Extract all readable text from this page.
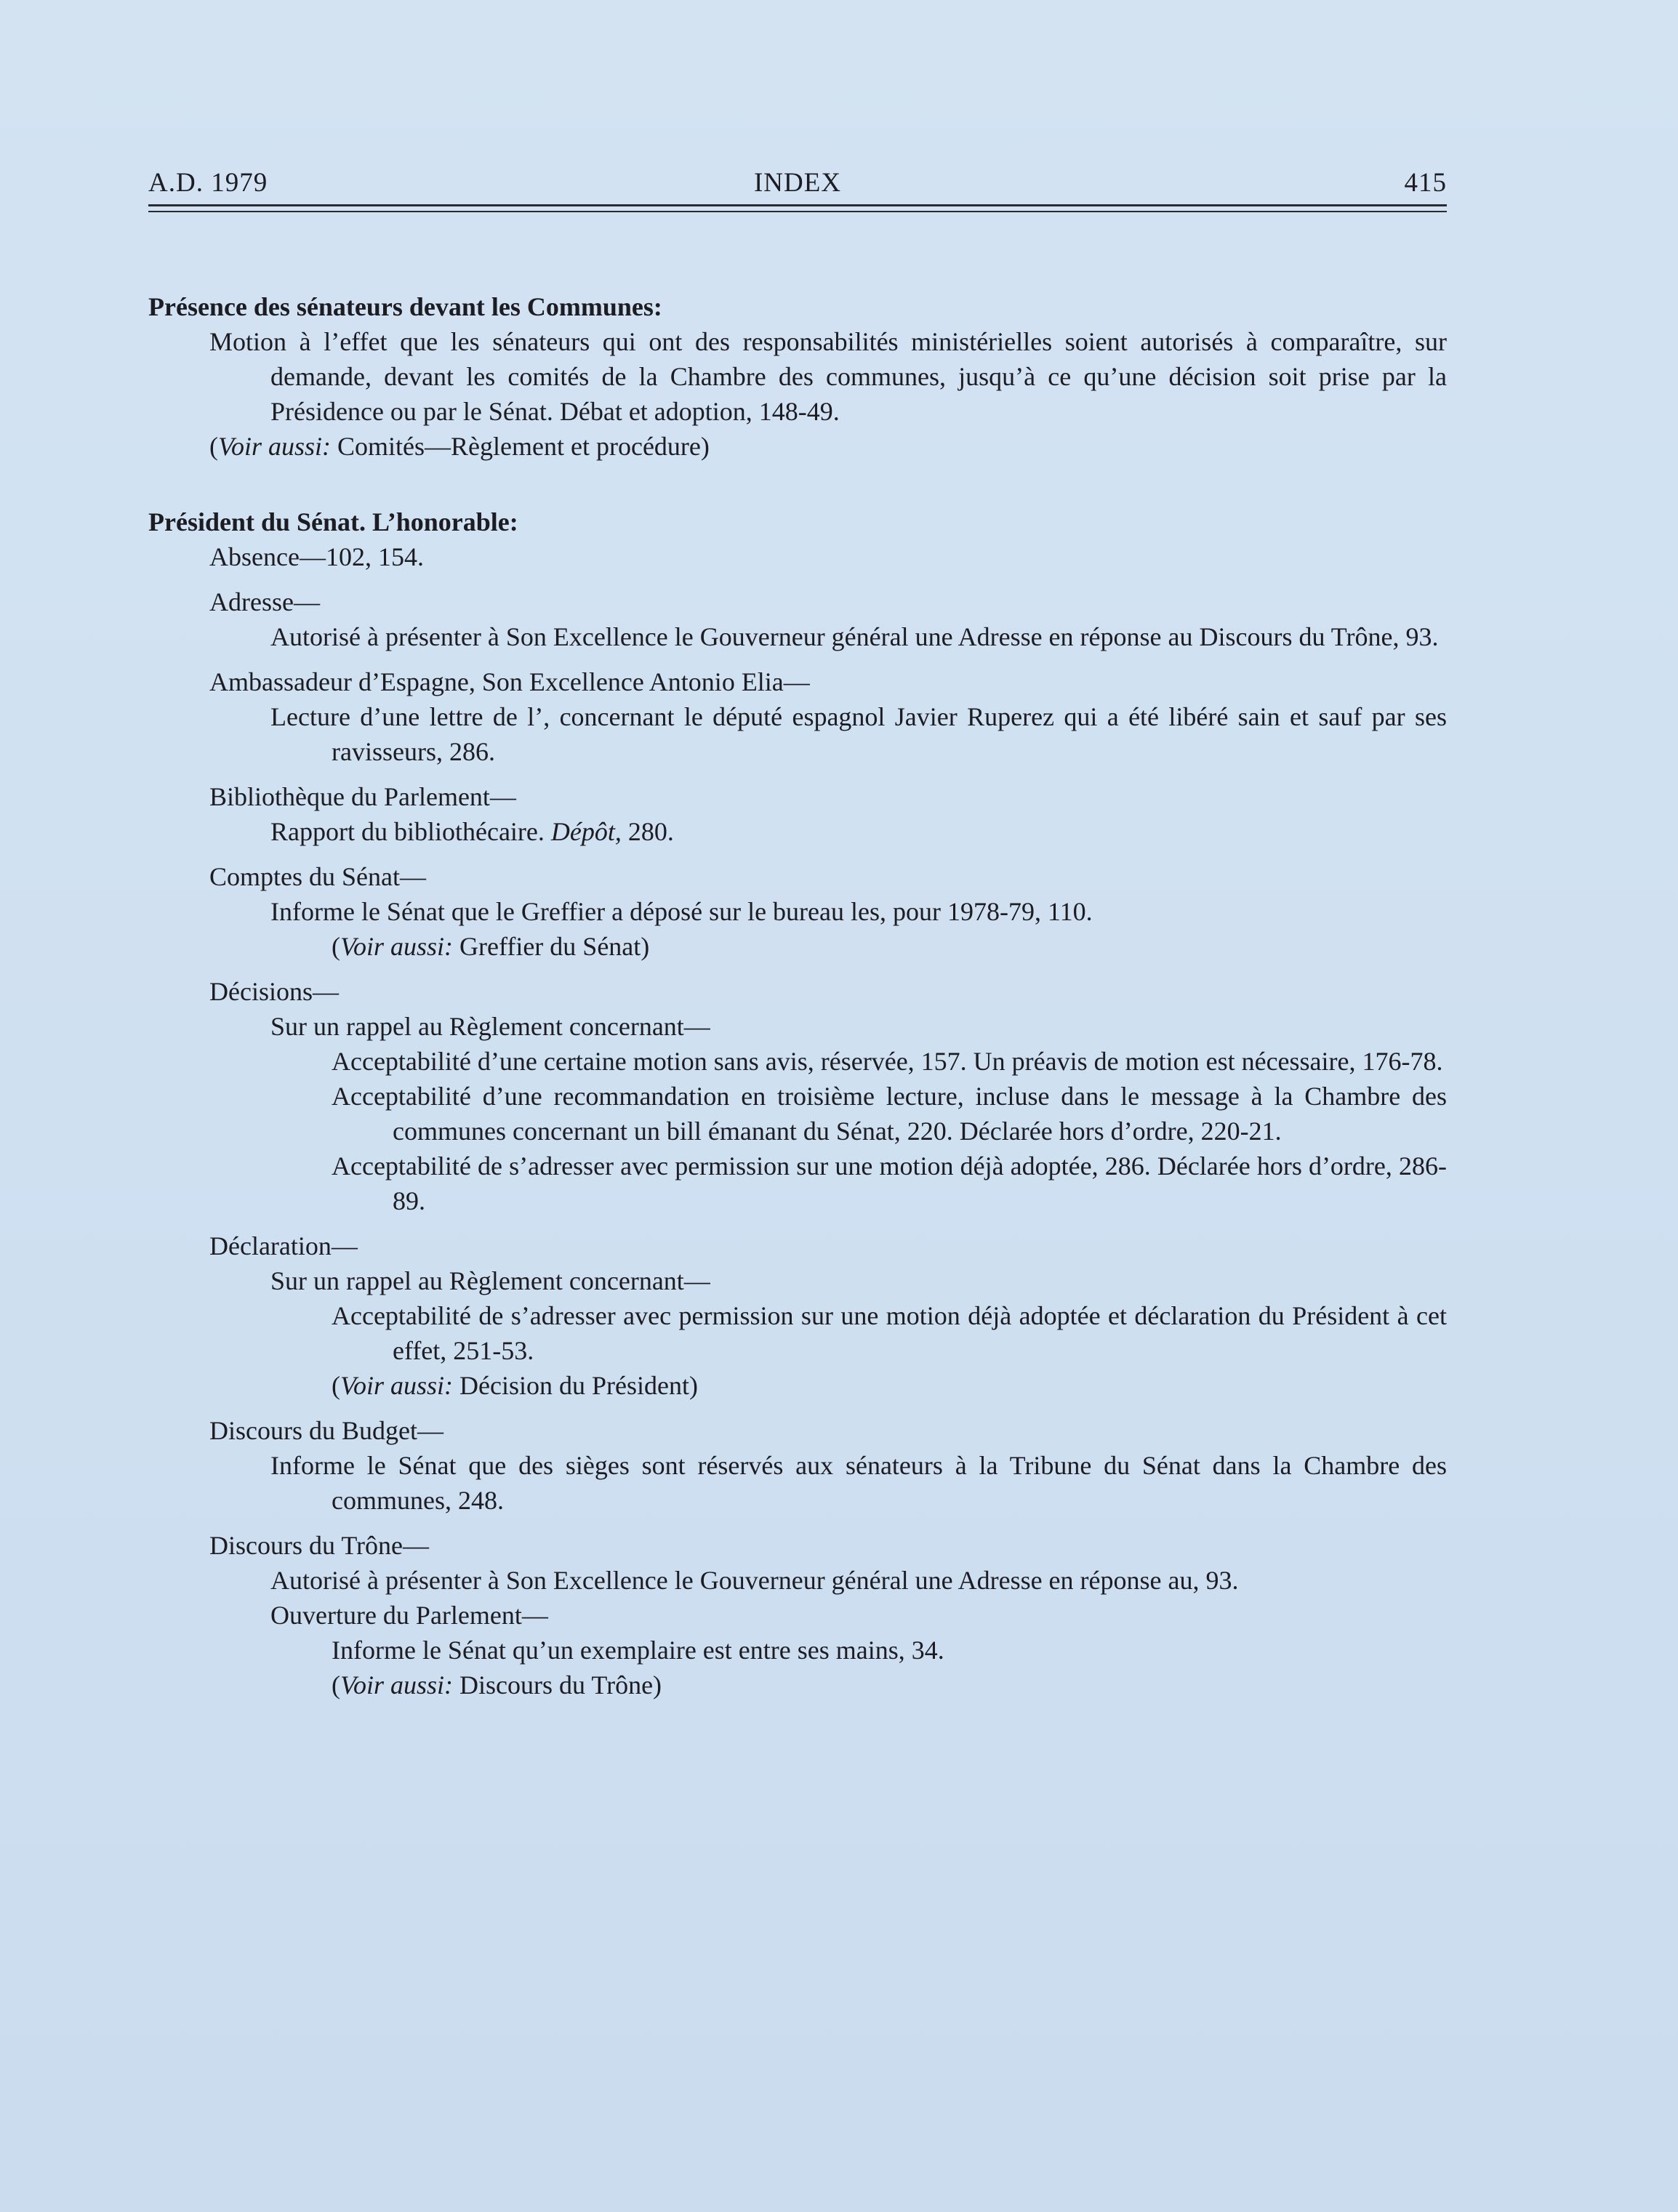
A.D. 1979	INDEX	415

Présence des sénateurs devant les Communes:

Motion à l’effet que les sénateurs qui ont des responsabilités ministérielles soient autorisés à comparaître, sur demande, devant les comités de la Chambre des communes, jusqu’à ce qu’une décision soit prise par la Présidence ou par le Sénat. Débat et adoption, 148-49.

(Voir aussi: Comités—Règlement et procédure)

Président du Sénat. L’honorable:

Absence—102, 154.

Adresse—

Autorisé à présenter à Son Excellence le Gouverneur général une Adresse en réponse au Discours du Trône, 93.

Ambassadeur d’Espagne, Son Excellence Antonio Elia—

Lecture d’une lettre de l’, concernant le député espagnol Javier Ruperez qui a été libéré sain et sauf par ses ravisseurs, 286.

Bibliothèque du Parlement—

Rapport du bibliothécaire. Dépôt, 280.

Comptes du Sénat—

Informe le Sénat que le Greffier a déposé sur le bureau les, pour 1978-79, 110.

(Voir aussi: Greffier du Sénat)

Décisions—

Sur un rappel au Règlement concernant—

Acceptabilité d’une certaine motion sans avis, réservée, 157. Un préavis de motion est nécessaire, 176-78.

Acceptabilité d’une recommandation en troisième lecture, incluse dans le message à la Chambre des communes concernant un bill émanant du Sénat, 220. Déclarée hors d’ordre, 220-21.

Acceptabilité de s’adresser avec permission sur une motion déjà adoptée, 286. Déclarée hors d’ordre, 286-89.

Déclaration—

Sur un rappel au Règlement concernant—

Acceptabilité de s’adresser avec permission sur une motion déjà adoptée et déclaration du Président à cet effet, 251-53.

(Voir aussi: Décision du Président)

Discours du Budget—

Informe le Sénat que des sièges sont réservés aux sénateurs à la Tribune du Sénat dans la Chambre des communes, 248.

Discours du Trône—

Autorisé à présenter à Son Excellence le Gouverneur général une Adresse en réponse au, 93.

Ouverture du Parlement—

Informe le Sénat qu’un exemplaire est entre ses mains, 34.

(Voir aussi: Discours du Trône)
